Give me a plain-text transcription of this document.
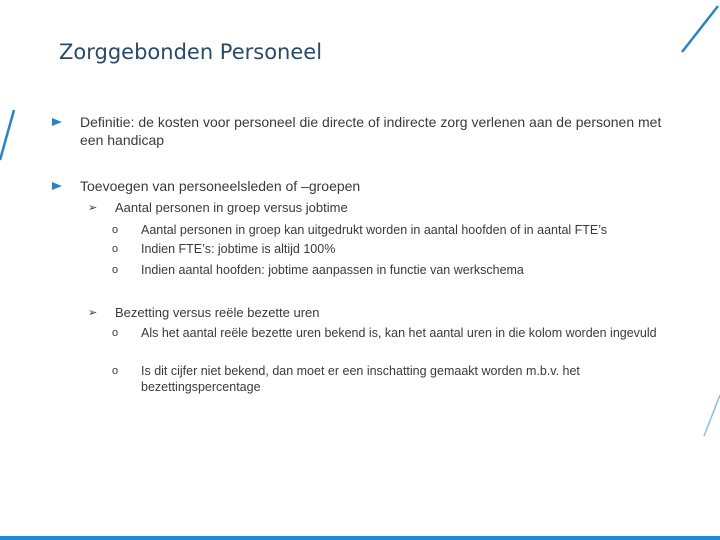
Zorggebonden Personeel
Definitie: de kosten voor personeel die directe of indirecte zorg verlenen aan de personen met een handicap
Toevoegen van personeelsleden of –groepen
➢ Aantal personen in groep versus jobtime
o Aantal personen in groep kan uitgedrukt worden in aantal hoofden of in aantal FTE’s
o Indien FTE’s: jobtime is altijd 100%
o Indien aantal hoofden: jobtime aanpassen in functie van werkschema
➢ Bezetting versus reële bezette uren
o Als het aantal reële bezette uren bekend is, kan het aantal uren in die kolom worden ingevuld
o Is dit cijfer niet bekend, dan moet er een inschatting gemaakt worden m.b.v. het bezettingspercentage
